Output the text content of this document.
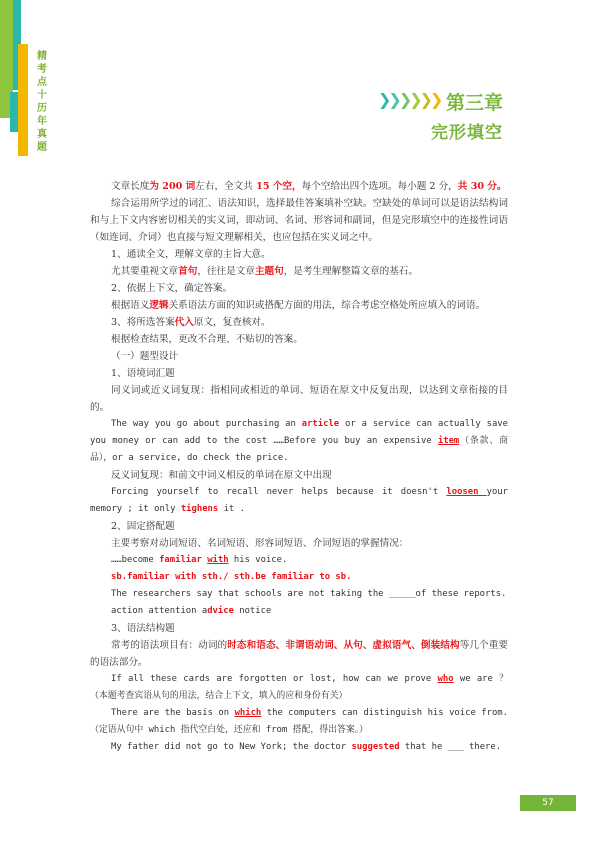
精考点十历年真题
❯❯❯❯❯❯ 第三章
完形填空

文章长度为 200 词左右，全文共 15 个空，每个空给出四个选项。每小题 2 分，共 30 分。

综合运用所学过的词汇、语法知识，选择最佳答案填补空缺。空缺处的单词可以是语法结构词和与上下文内容密切相关的实义词，即动词、名词、形容词和副词，但是完形填空中的连接性词语（如连词、介词）也直接与短文理解相关，也应包括在实义词之中。

1、通读全文，理解文章的主旨大意。

尤其要重视文章首句，往往是文章主题句，是考生理解整篇文章的基石。

2、依据上下文，确定答案。

根据语义逻辑关系语法方面的知识或搭配方面的用法，综合考虑空格处所应填入的词语。

3、将所选答案代入原文，复查核对。

根据检查结果，更改不合理、不贴切的答案。

（一）题型设计

1、语境词汇题

同义词或近义词复现：指相同或相近的单词、短语在原文中反复出现，以达到文章衔接的目的。

The way you go about purchasing an article or a service can actually save you money or can add to the cost ……Before you buy an expensive item（条款、商品），or a service, do check the price.

反义词复现：和前文中词义相反的单词在原文中出现

Forcing yourself to recall never helps because it doesn't loosen your memory ; it only tighens it .

2、固定搭配题

主要考察对动词短语、名词短语、形容词短语、介词短语的掌握情况：

……become familiar with his voice.

sb.familiar with sth./ sth.be familiar to sb.

The researchers say that schools are not taking the _____of these reports.

action attention advice notice

3、语法结构题

常考的语法项目有：动词的时态和语态、非谓语动词、从句、虚拟语气、倒装结构等几个重要的语法部分。

If all these cards are forgotten or lost, how can we prove who we are ？ （本题考查宾语从句的用法，结合上下文，填入的应和身份有关）

There are the basis on which the computers can distinguish his voice from.（定语从句中 which 指代空白处，还应和 from 搭配，得出答案。）

My father did not go to New York; the doctor suggested that he ___ there.

57
